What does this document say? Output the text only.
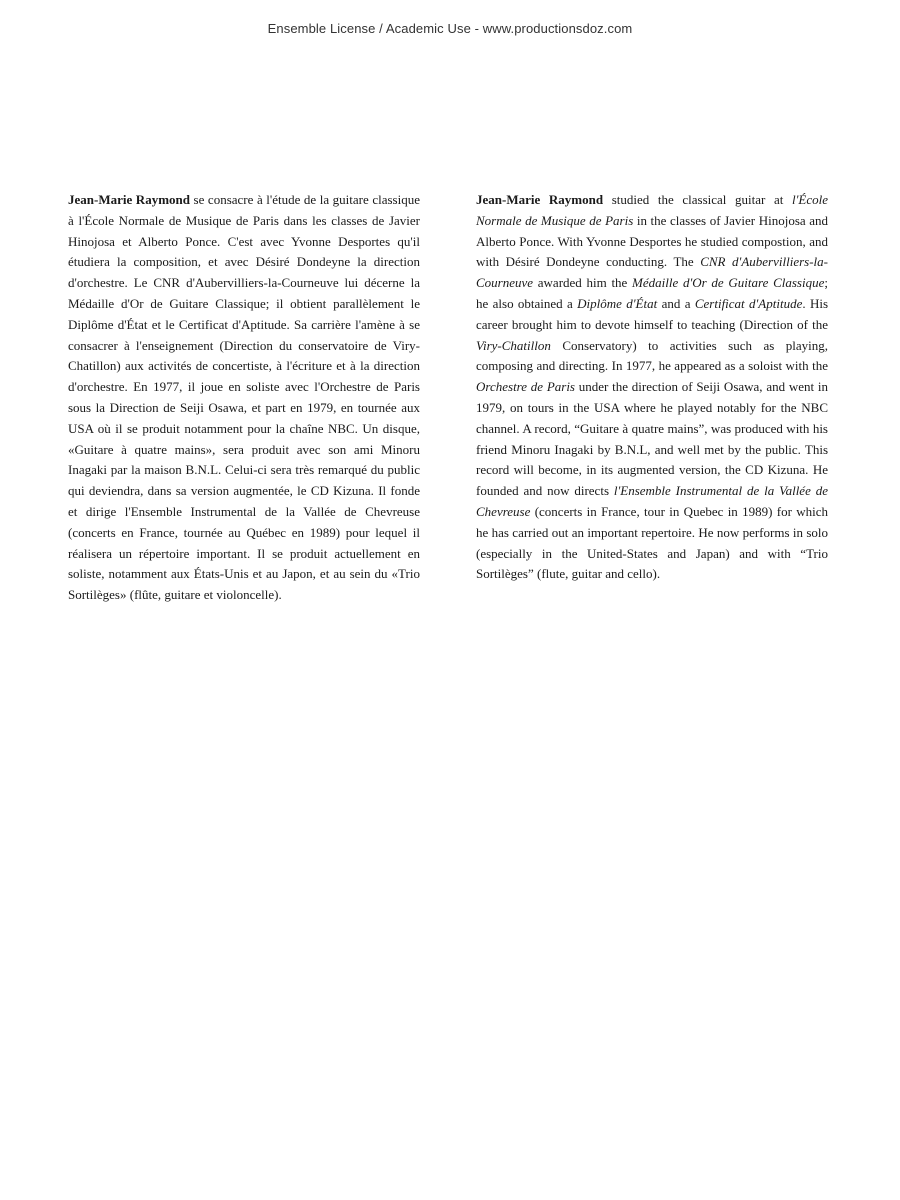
Ensemble License / Academic Use - www.productionsdoz.com

Jean-Marie Raymond se consacre à l'étude de la guitare classique à l'École Normale de Musique de Paris dans les classes de Javier Hinojosa et Alberto Ponce. C'est avec Yvonne Desportes qu'il étudiera la composition, et avec Désiré Dondeyne la direction d'orchestre. Le CNR d'Aubervilliers-la-Courneuve lui décerne la Médaille d'Or de Guitare Classique; il obtient parallèlement le Diplôme d'État et le Certificat d'Aptitude. Sa carrière l'amène à se consacrer à l'enseignement (Direction du conservatoire de Viry-Chatillon) aux activités de concertiste, à l'écriture et à la direction d'orchestre. En 1977, il joue en soliste avec l'Orchestre de Paris sous la Direction de Seiji Osawa, et part en 1979, en tournée aux USA où il se produit notamment pour la chaîne NBC. Un disque, «Guitare à quatre mains», sera produit avec son ami Minoru Inagaki par la maison B.N.L. Celui-ci sera très remarqué du public qui deviendra, dans sa version augmentée, le CD Kizuna. Il fonde et dirige l'Ensemble Instrumental de la Vallée de Chevreuse (concerts en France, tournée au Québec en 1989) pour lequel il réalisera un répertoire important. Il se produit actuellement en soliste, notamment aux États-Unis et au Japon, et au sein du «Trio Sortilèges» (flûte, guitare et violoncelle).

Jean-Marie Raymond studied the classical guitar at l'École Normale de Musique de Paris in the classes of Javier Hinojosa and Alberto Ponce. With Yvonne Desportes he studied compostion, and with Désiré Dondeyne conducting. The CNR d'Aubervilliers-la-Courneuve awarded him the Médaille d'Or de Guitare Classique; he also obtained a Diplôme d'État and a Certificat d'Aptitude. His career brought him to devote himself to teaching (Direction of the Viry-Chatillon Conservatory) to activities such as playing, composing and directing. In 1977, he appeared as a soloist with the Orchestre de Paris under the direction of Seiji Osawa, and went in 1979, on tours in the USA where he played notably for the NBC channel. A record, “Guitare à quatre mains”, was produced with his friend Minoru Inagaki by B.N.L, and well met by the public. This record will become, in its augmented version, the CD Kizuna. He founded and now directs l'Ensemble Instrumental de la Vallée de Chevreuse (concerts in France, tour in Quebec in 1989) for which he has carried out an important repertoire. He now performs in solo (especially in the United-States and Japan) and with “Trio Sortilèges” (flute, guitar and cello).
